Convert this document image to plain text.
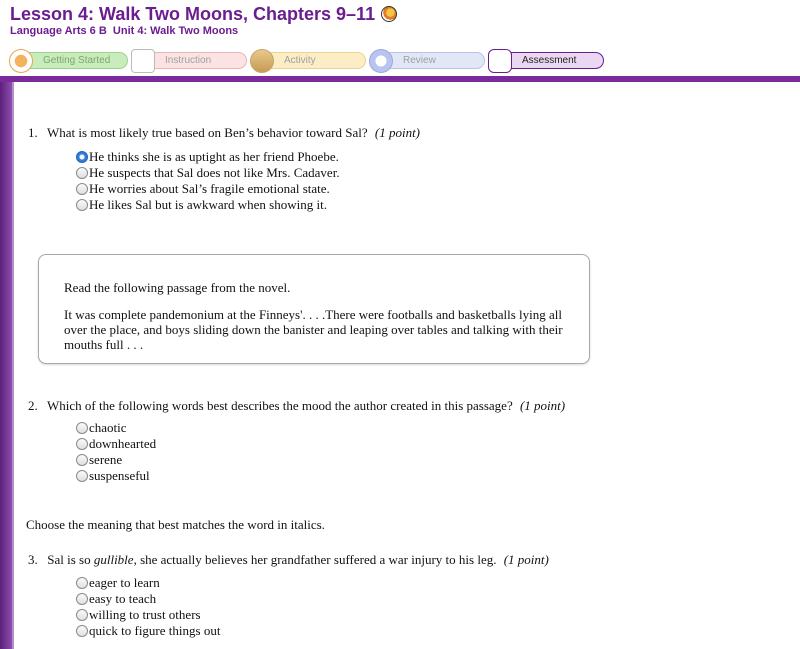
Lesson 4: Walk Two Moons, Chapters 9–11
Language Arts 6 B Unit 4: Walk Two Moons
Getting Started	Instruction	Activity	Review	Assessment
1. What is most likely true based on Ben’s behavior toward Sal? (1 point)
He thinks she is as uptight as her friend Phoebe.
He suspects that Sal does not like Mrs. Cadaver.
He worries about Sal’s fragile emotional state.
He likes Sal but is awkward when showing it.
Read the following passage from the novel.
It was complete pandemonium at the Finneys'. . . .There were footballs and basketballs lying all over the place, and boys sliding down the banister and leaping over tables and talking with their mouths full . . .
2. Which of the following words best describes the mood the author created in this passage? (1 point)
chaotic
downhearted
serene
suspenseful
Choose the meaning that best matches the word in italics.
3. Sal is so gullible, she actually believes her grandfather suffered a war injury to his leg. (1 point)
eager to learn
easy to teach
willing to trust others
quick to figure things out
